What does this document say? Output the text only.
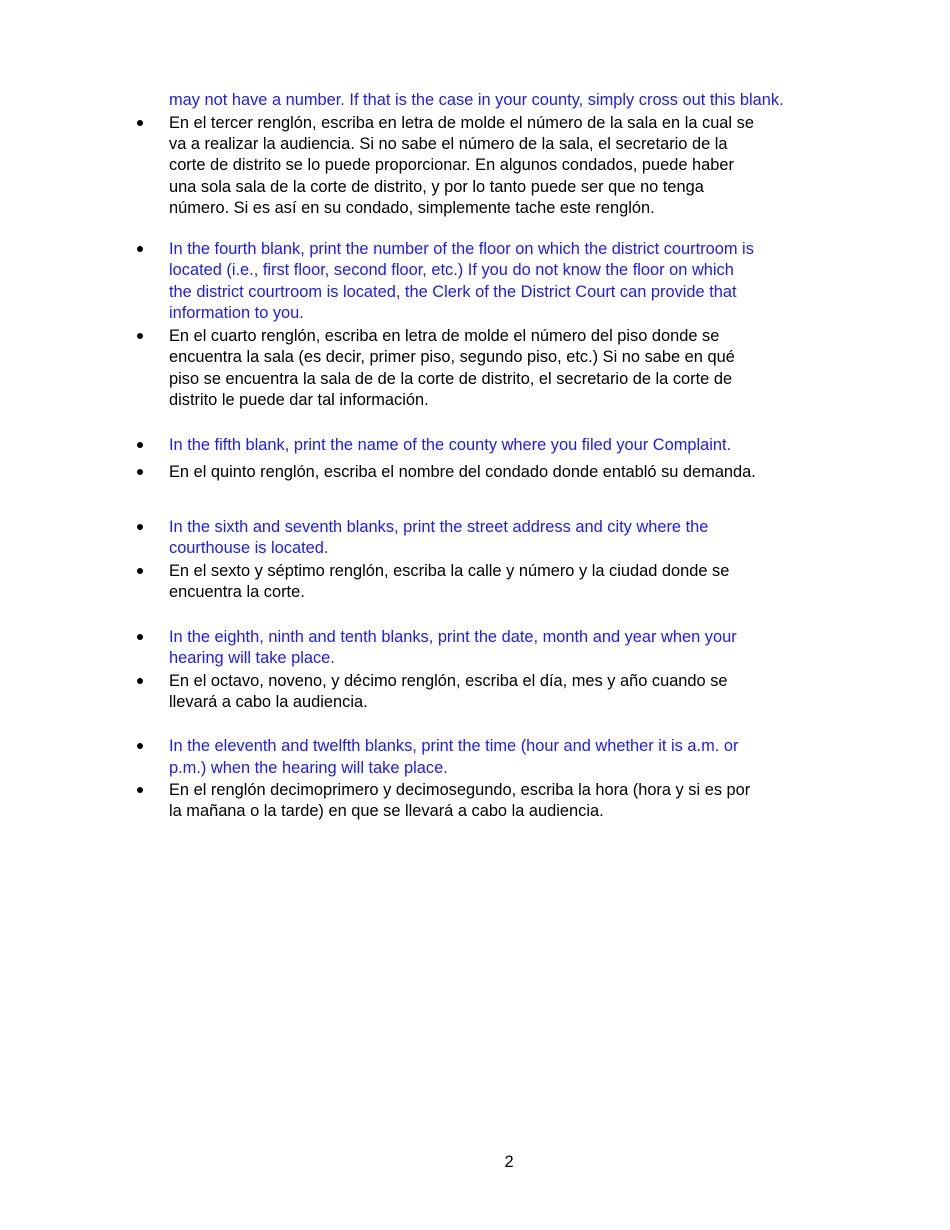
may not have a number. If that is the case in your county, simply cross out this blank.
En el tercer renglón, escriba en letra de molde el número de la sala en la cual se
va a realizar la audiencia. Si no sabe el número de la sala, el secretario de la
corte de distrito se lo puede proporcionar. En algunos condados, puede haber
una sola sala de la corte de distrito, y por lo tanto puede ser que no tenga
número. Si es así en su condado, simplemente tache este renglón.
In the fourth blank, print the number of the floor on which the district courtroom is
located (i.e., first floor, second floor, etc.) If you do not know the floor on which
the district courtroom is located, the Clerk of the District Court can provide that
information to you.
En el cuarto renglón, escriba en letra de molde el número del piso donde se
encuentra la sala (es decir, primer piso, segundo piso, etc.) Si no sabe en qué
piso se encuentra la sala de de la corte de distrito, el secretario de la corte de
distrito le puede dar tal información.
In the fifth blank, print the name of the county where you filed your Complaint.
En el quinto renglón, escriba el nombre del condado donde entabló su demanda.
In the sixth and seventh blanks, print the street address and city where the
courthouse is located.
En el sexto y séptimo renglón, escriba la calle y número y la ciudad donde se
encuentra la corte.
In the eighth, ninth and tenth blanks, print the date, month and year when your
hearing will take place.
En el octavo, noveno, y décimo renglón, escriba el día, mes y año cuando se
llevará a cabo la audiencia.
In the eleventh and twelfth blanks, print the time (hour and whether it is a.m. or
p.m.) when the hearing will take place.
En el renglón decimoprimero y decimosegundo, escriba la hora (hora y si es por
la mañana o la tarde) en que se llevará a cabo la audiencia.
2
